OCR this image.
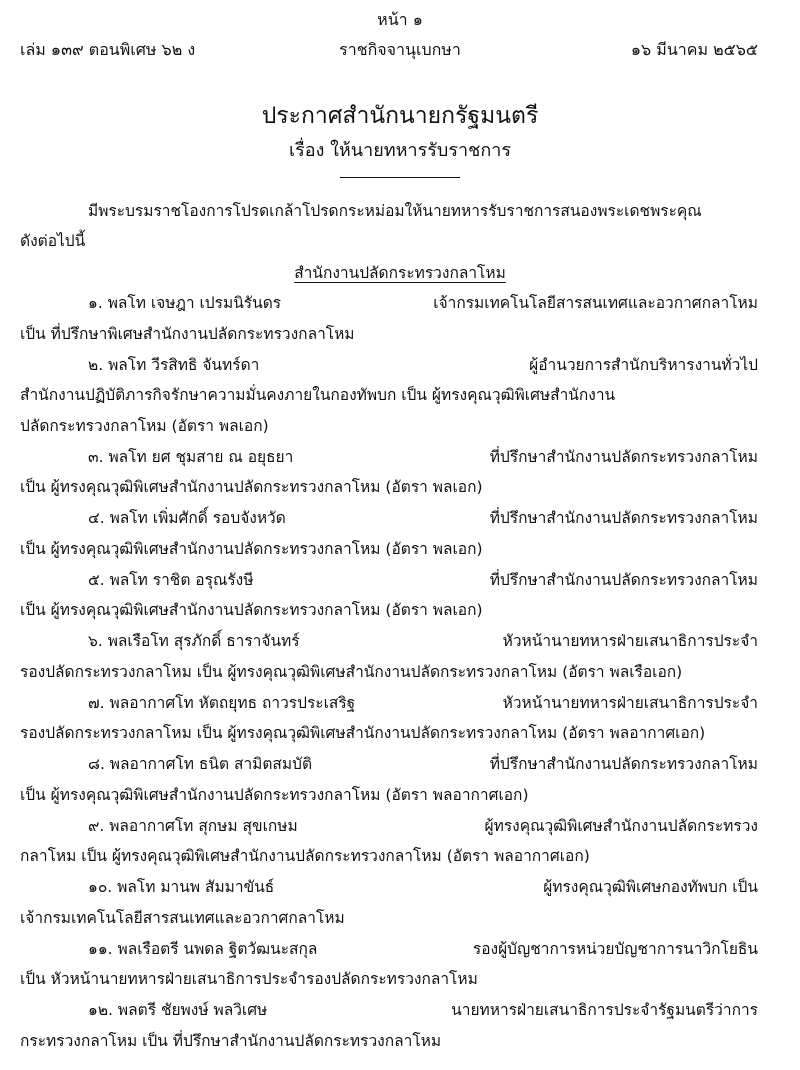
หน้า ๑
เล่ม ๑๓๙ ตอนพิเศษ ๖๒ ง	ราชกิจจานุเบกษา	๑๖ มีนาคม ๒๕๖๕
ประกาศสำนักนายกรัฐมนตรี
เรื่อง ให้นายทหารรับราชการ
มีพระบรมราชโองการโปรดเกล้าโปรดกระหม่อมให้นายทหารรับราชการสนองพระเดชพระคุณ
ดังต่อไปนี้
สำนักงานปลัดกระทรวงกลาโหม
๑. พลโท เจษฎา เปรมนิรันดร	เจ้ากรมเทคโนโลยีสารสนเทศและอวกาศกลาโหม
เป็น ที่ปรึกษาพิเศษสำนักงานปลัดกระทรวงกลาโหม
๒. พลโท วีรสิทธิ จันทร์ดา	ผู้อำนวยการสำนักบริหารงานทั่วไป
สำนักงานปฏิบัติภารกิจรักษาความมั่นคงภายในกองทัพบก เป็น ผู้ทรงคุณวุฒิพิเศษสำนักงาน
ปลัดกระทรวงกลาโหม (อัตรา พลเอก)
๓. พลโท ยศ ชุมสาย ณ อยุธยา	ที่ปรึกษาสำนักงานปลัดกระทรวงกลาโหม
เป็น ผู้ทรงคุณวุฒิพิเศษสำนักงานปลัดกระทรวงกลาโหม (อัตรา พลเอก)
๔. พลโท เพิ่มศักดิ์ รอบจังหวัด	ที่ปรึกษาสำนักงานปลัดกระทรวงกลาโหม
เป็น ผู้ทรงคุณวุฒิพิเศษสำนักงานปลัดกระทรวงกลาโหม (อัตรา พลเอก)
๕. พลโท ราชิต อรุณรังษี	ที่ปรึกษาสำนักงานปลัดกระทรวงกลาโหม
เป็น ผู้ทรงคุณวุฒิพิเศษสำนักงานปลัดกระทรวงกลาโหม (อัตรา พลเอก)
๖. พลเรือโท สุรภักดิ์ ธาราจันทร์	หัวหน้านายทหารฝ่ายเสนาธิการประจำ
รองปลัดกระทรวงกลาโหม เป็น ผู้ทรงคุณวุฒิพิเศษสำนักงานปลัดกระทรวงกลาโหม (อัตรา พลเรือเอก)
๗. พลอากาศโท หัตถยุทธ ถาวรประเสริฐ	หัวหน้านายทหารฝ่ายเสนาธิการประจำ
รองปลัดกระทรวงกลาโหม เป็น ผู้ทรงคุณวุฒิพิเศษสำนักงานปลัดกระทรวงกลาโหม (อัตรา พลอากาศเอก)
๘. พลอากาศโท ธนิต สามิตสมบัติ	ที่ปรึกษาสำนักงานปลัดกระทรวงกลาโหม
เป็น ผู้ทรงคุณวุฒิพิเศษสำนักงานปลัดกระทรวงกลาโหม (อัตรา พลอากาศเอก)
๙. พลอากาศโท สุกษม สุขเกษม	ผู้ทรงคุณวุฒิพิเศษสำนักงานปลัดกระทรวง
กลาโหม เป็น ผู้ทรงคุณวุฒิพิเศษสำนักงานปลัดกระทรวงกลาโหม (อัตรา พลอากาศเอก)
๑๐. พลโท มานพ สัมมาขันธ์	ผู้ทรงคุณวุฒิพิเศษกองทัพบก เป็น
เจ้ากรมเทคโนโลยีสารสนเทศและอวกาศกลาโหม
๑๑. พลเรือตรี นพดล ฐิตวัฒนะสกุล	รองผู้บัญชาการหน่วยบัญชาการนาวิกโยธิน
เป็น หัวหน้านายทหารฝ่ายเสนาธิการประจำรองปลัดกระทรวงกลาโหม
๑๒. พลตรี ชัยพงษ์ พลวิเศษ	นายทหารฝ่ายเสนาธิการประจำรัฐมนตรีว่าการ
กระทรวงกลาโหม เป็น ที่ปรึกษาสำนักงานปลัดกระทรวงกลาโหม
